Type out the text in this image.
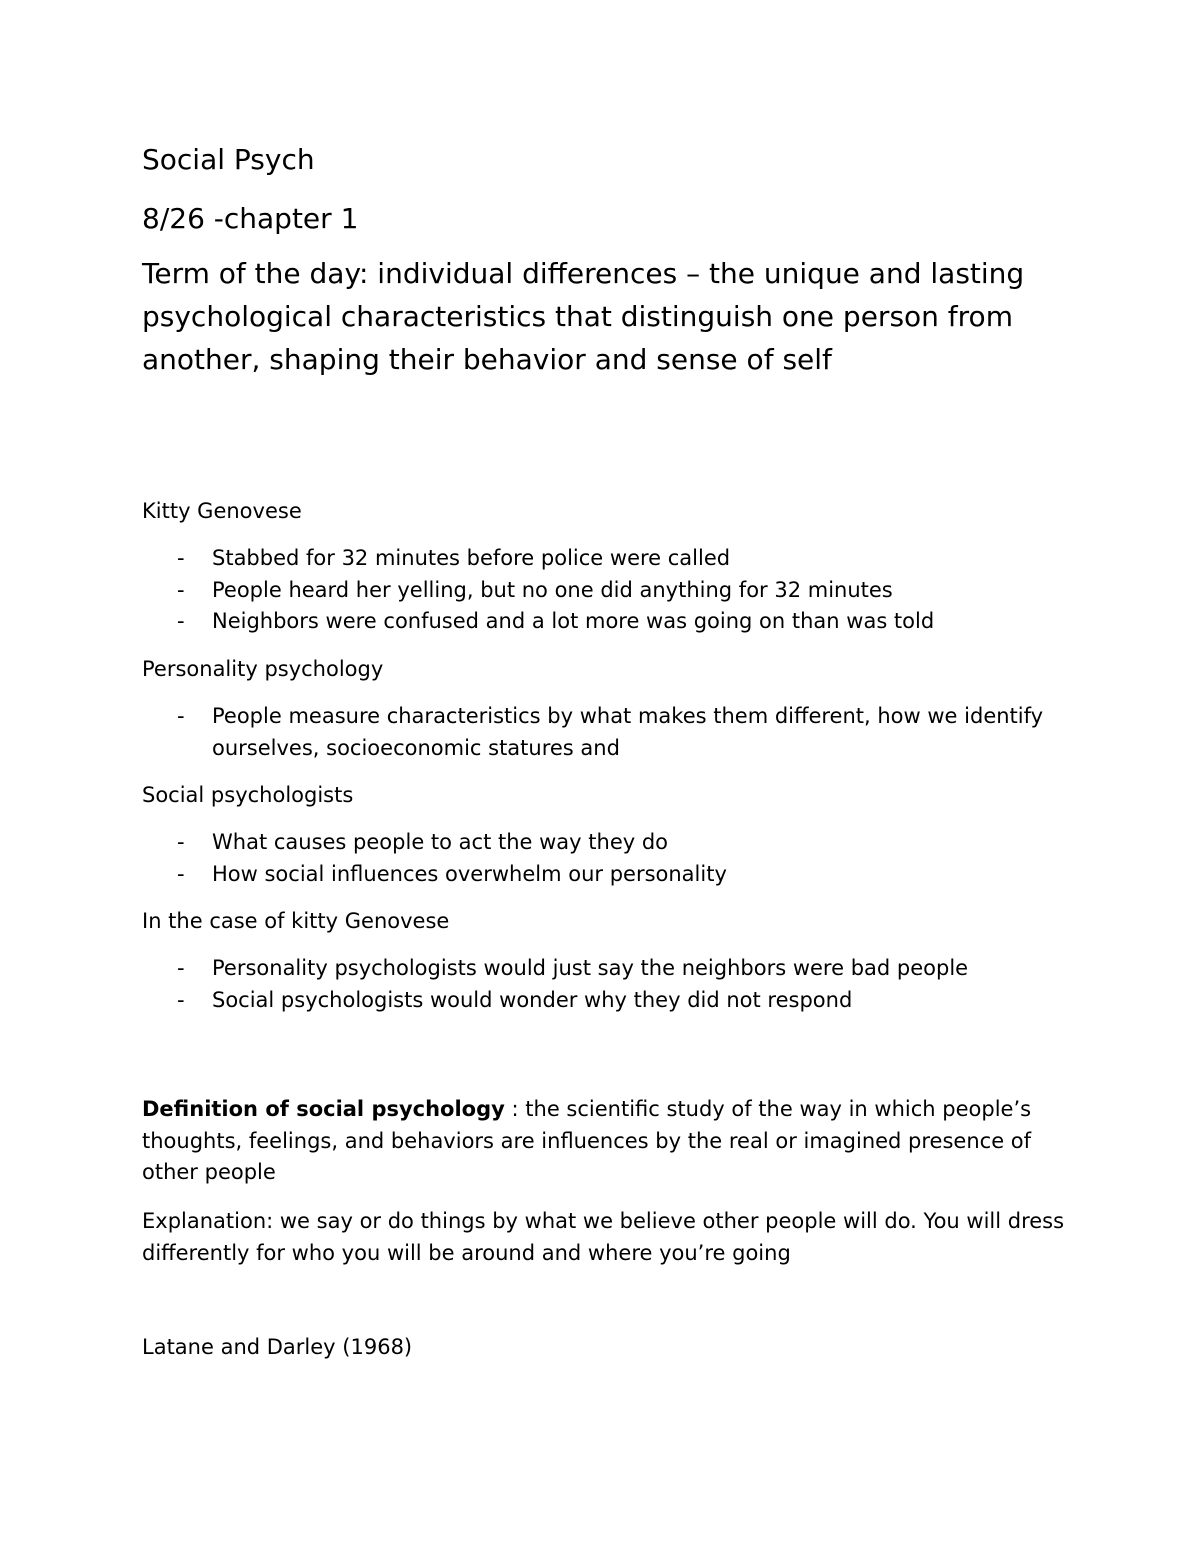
Social Psych
8/26 -chapter 1
Term of the day: individual differences – the unique and lasting psychological characteristics that distinguish one person from another, shaping their behavior and sense of self
Kitty Genovese
- Stabbed for 32 minutes before police were called
- People heard her yelling, but no one did anything for 32 minutes
- Neighbors were confused and a lot more was going on than was told
Personality psychology
- People measure characteristics by what makes them different, how we identify ourselves, socioeconomic statures and
Social psychologists
- What causes people to act the way they do
- How social influences overwhelm our personality
In the case of kitty Genovese
- Personality psychologists would just say the neighbors were bad people
- Social psychologists would wonder why they did not respond
Definition of social psychology : the scientific study of the way in which people’s thoughts, feelings, and behaviors are influences by the real or imagined presence of other people
Explanation: we say or do things by what we believe other people will do. You will dress differently for who you will be around and where you’re going
Latane and Darley (1968)
